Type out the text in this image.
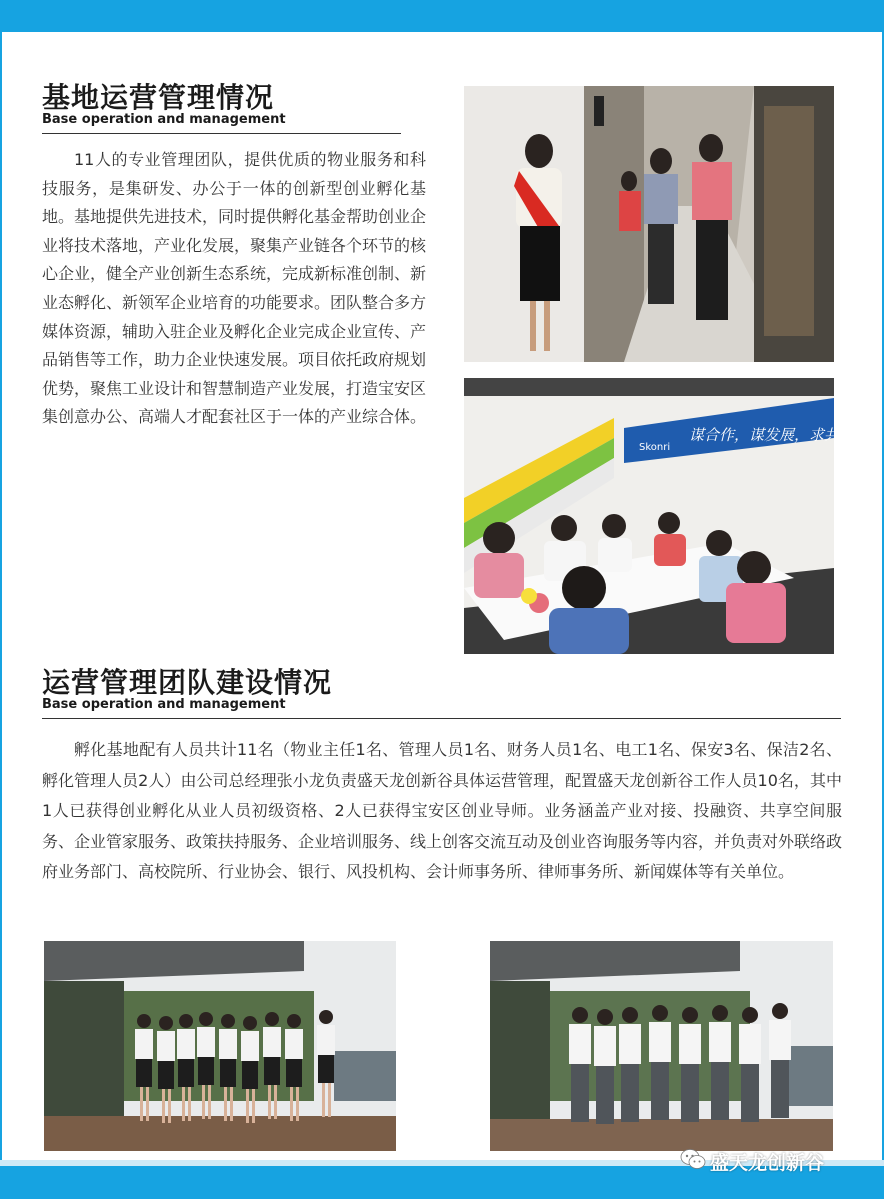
基地运营管理情况
Base operation and management

11人的专业管理团队，提供优质的物业服务和科技服务，是集研发、办公于一体的创新型创业孵化基地。基地提供先进技术，同时提供孵化基金帮助创业企业将技术落地，产业化发展，聚集产业链各个环节的核心企业，健全产业创新生态系统，完成新标准创制、新业态孵化、新领军企业培育的功能要求。团队整合多方媒体资源，辅助入驻企业及孵化企业完成企业宣传、产品销售等工作，助力企业快速发展。项目依托政府规划优势，聚焦工业设计和智慧制造产业发展，打造宝安区集创意办公、高端人才配套社区于一体的产业综合体。

Skonri
谋合作，谋发展，求共赢！
运营管理团队建设情况
Base operation and management

孵化基地配有人员共计11名（物业主任1名、管理人员1名、财务人员1名、电工1名、保安3名、保洁2名、孵化管理人员2人）由公司总经理张小龙负责盛天龙创新谷具体运营管理，配置盛天龙创新谷工作人员10名，其中1人已获得创业孵化从业人员初级资格、2人已获得宝安区创业导师。业务涵盖产业对接、投融资、共享空间服务、企业管家服务、政策扶持服务、企业培训服务、线上创客交流互动及创业咨询服务等内容，并负责对外联络政府业务部门、高校院所、行业协会、银行、风投机构、会计师事务所、律师事务所、新闻媒体等有关单位。

盛天龙创新谷
